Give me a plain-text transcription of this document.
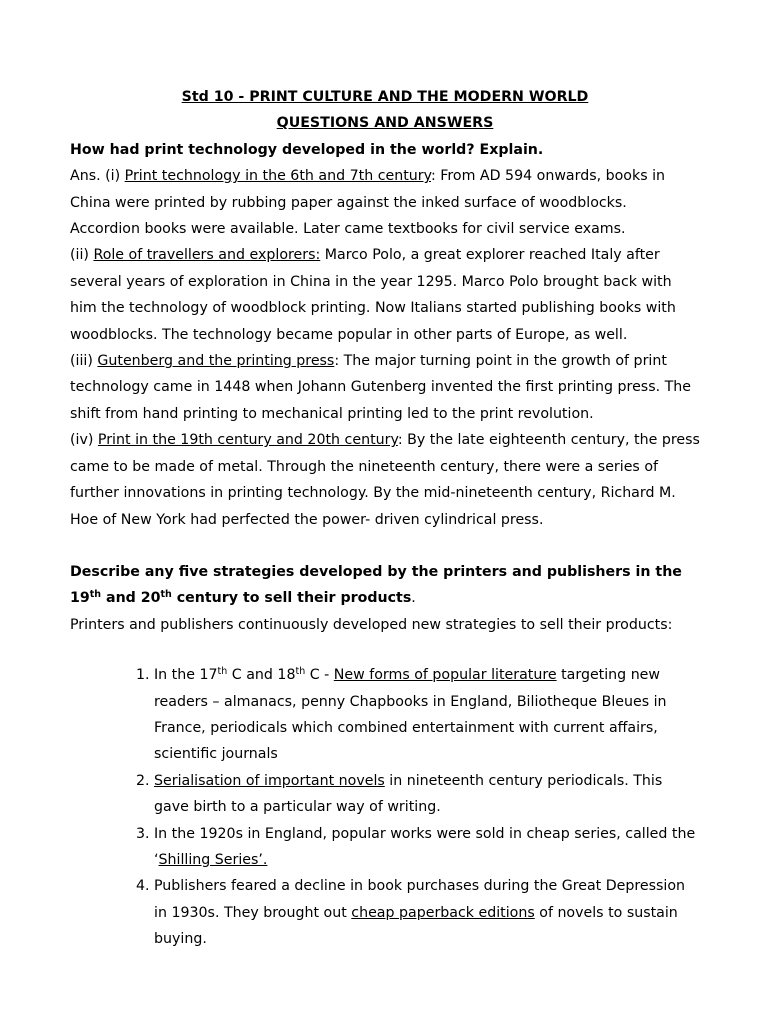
Std 10 - PRINT CULTURE AND THE MODERN WORLD

QUESTIONS AND ANSWERS

How had print technology developed in the world? Explain.

Ans. (i) Print technology in the 6th and 7th century: From AD 594 onwards, books in China were printed by rubbing paper against the inked surface of woodblocks. Accordion books were available. Later came textbooks for civil service exams.

(ii) Role of travellers and explorers: Marco Polo, a great explorer reached Italy after several years of exploration in China in the year 1295. Marco Polo brought back with him the technology of woodblock printing. Now Italians started publishing books with woodblocks. The technology became popular in other parts of Europe, as well.

(iii) Gutenberg and the printing press: The major turning point in the growth of print technology came in 1448 when Johann Gutenberg invented the first printing press. The shift from hand printing to mechanical printing led to the print revolution.

(iv) Print in the 19th century and 20th century: By the late eighteenth century, the press came to be made of metal. Through the nineteenth century, there were a series of further innovations in printing technology. By the mid-nineteenth century, Richard M. Hoe of New York had perfected the power- driven cylindrical press.

Describe any five strategies developed by the printers and publishers in the 19th and 20th century to sell their products.

Printers and publishers continuously developed new strategies to sell their products:

1. In the 17th C and 18th C - New forms of popular literature targeting new readers – almanacs, penny Chapbooks in England, Biliotheque Bleues in France, periodicals which combined entertainment with current affairs, scientific journals
2. Serialisation of important novels in nineteenth century periodicals. This gave birth to a particular way of writing.
3. In the 1920s in England, popular works were sold in cheap series, called the ‘Shilling Series’.
4. Publishers feared a decline in book purchases during the Great Depression in 1930s. They brought out cheap paperback editions of novels to sustain buying.
